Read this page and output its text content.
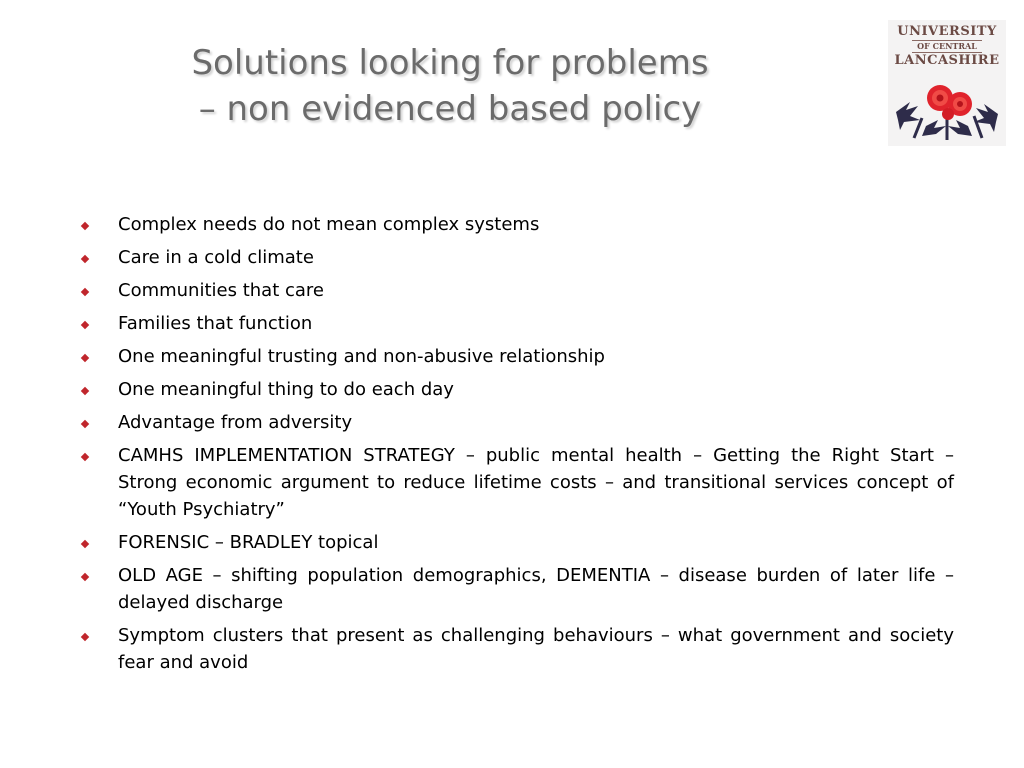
Solutions looking for problems
– non evidenced based policy
UNIVERSITY
OF CENTRAL
LANCASHIRE
Complex needs do not mean complex systems
Care in a cold climate
Communities that care
Families that function
One meaningful trusting and non-abusive relationship
One meaningful thing to do each day
Advantage from adversity
CAMHS IMPLEMENTATION STRATEGY – public mental health – Getting the Right Start – Strong economic argument to reduce lifetime costs – and transitional services concept of “Youth Psychiatry”
FORENSIC – BRADLEY topical
OLD AGE – shifting population demographics, DEMENTIA – disease burden of later life – delayed discharge
Symptom clusters that present as challenging behaviours – what government and society fear and avoid
